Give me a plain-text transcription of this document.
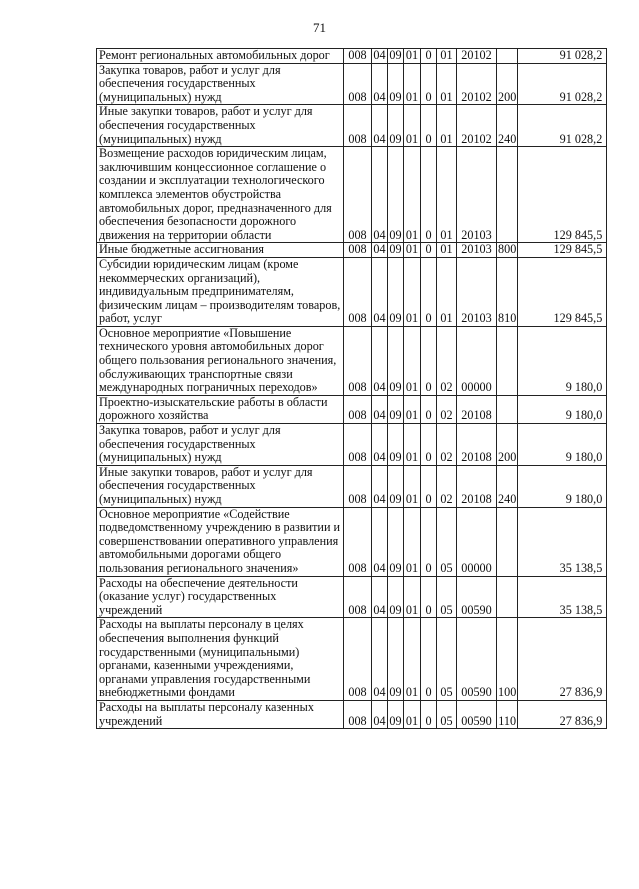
71
Ремонт региональных автомобильных дорог	008	04	09	01	0	01	20102		91 028,2
Закупка товаров, работ и услуг для обеспечения государственных (муниципальных) нужд	008	04	09	01	0	01	20102	200	91 028,2
Иные закупки товаров, работ и услуг для обеспечения государственных (муниципальных) нужд	008	04	09	01	0	01	20102	240	91 028,2
Возмещение расходов юридическим лицам, заключившим концессионное соглашение о создании и эксплуатации технологического комплекса элементов обустройства автомобильных дорог, предназначенного для обеспечения безопасности дорожного движения на территории области	008	04	09	01	0	01	20103		129 845,5
Иные бюджетные ассигнования	008	04	09	01	0	01	20103	800	129 845,5
Субсидии юридическим лицам (кроме некоммерческих организаций), индивидуальным предпринимателям, физическим лицам – производителям товаров, работ, услуг	008	04	09	01	0	01	20103	810	129 845,5
Основное мероприятие «Повышение технического уровня автомобильных дорог общего пользования регионального значения, обслуживающих транспортные связи международных пограничных переходов»	008	04	09	01	0	02	00000		9 180,0
Проектно-изыскательские работы в области дорожного хозяйства	008	04	09	01	0	02	20108		9 180,0
Закупка товаров, работ и услуг для обеспечения государственных (муниципальных) нужд	008	04	09	01	0	02	20108	200	9 180,0
Иные закупки товаров, работ и услуг для обеспечения государственных (муниципальных) нужд	008	04	09	01	0	02	20108	240	9 180,0
Основное мероприятие «Содействие подведомственному учреждению в развитии и совершенствовании оперативного управления автомобильными дорогами общего пользования регионального значения»	008	04	09	01	0	05	00000		35 138,5
Расходы на обеспечение деятельности (оказание услуг) государственных учреждений	008	04	09	01	0	05	00590		35 138,5
Расходы на выплаты персоналу в целях обеспечения выполнения функций государственными (муниципальными) органами, казенными учреждениями, органами управления государственными внебюджетными фондами	008	04	09	01	0	05	00590	100	27 836,9
Расходы на выплаты персоналу казенных учреждений	008	04	09	01	0	05	00590	110	27 836,9
